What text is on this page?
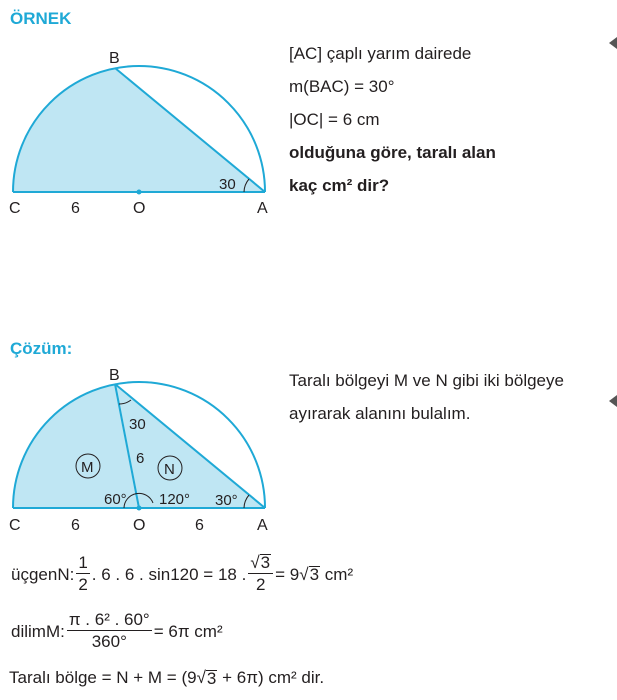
ÖRNEK
B
C	6	O	A
30
[AC] çaplı yarım dairede
m(BAC) = 30°
|OC| = 6 cm
olduğuna göre, taralı alan
kaç cm² dir?
Çözüm:
M	N
B
30
6
60° 120° 30°
C	6	O	6	A
Taralı bölgeyi M ve N gibi iki bölgeye
ayırarak alanını bulalım.
üçgenN: $\frac{1}{2}$ . 6 . 6 . sin120 = 18 . $\frac{√3}{2} = 9√3$ cm²
dilimM: $\frac{\text{π . 6² . 60°}}{360^\circ} = 6\pi$ cm²
Taralı bölge = N + M = (9 √ 3
+ 6π) cm² dir.
